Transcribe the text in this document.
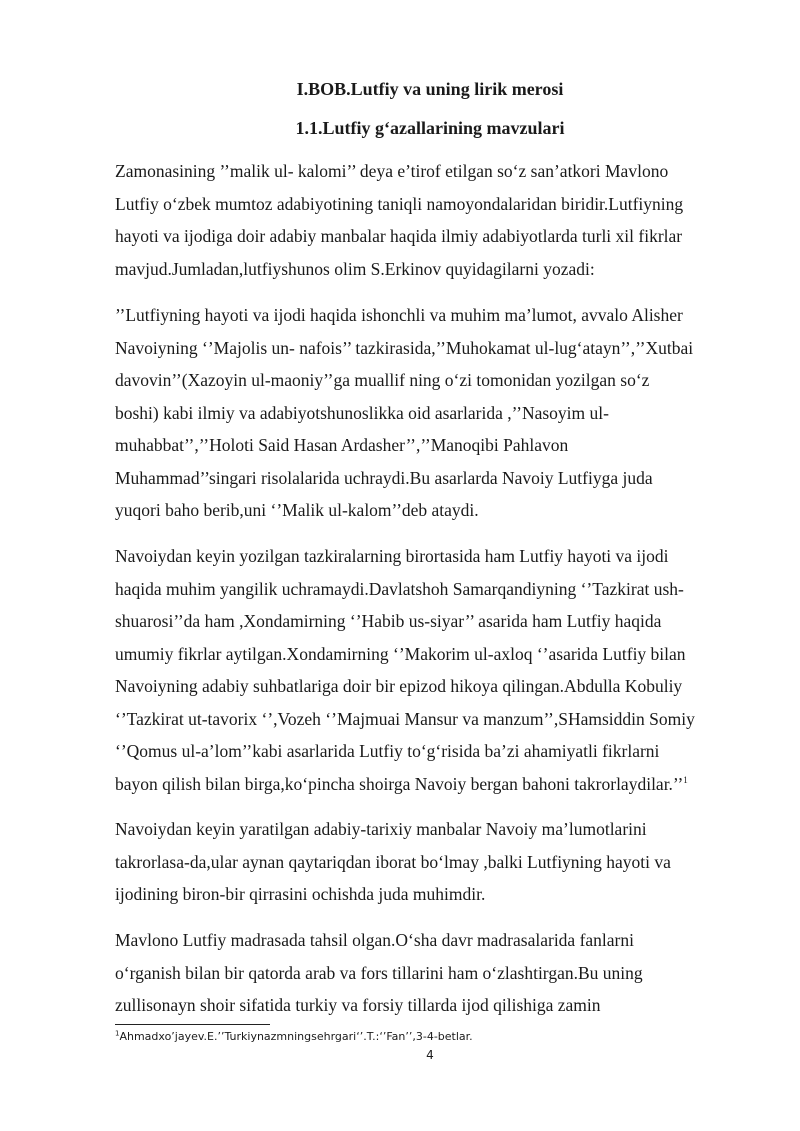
I.BOB.Lutfiy va uning lirik merosi
1.1.Lutfiy g‘azallarining mavzulari

Zamonasining ’’malik ul- kalomi’’ deya e’tirof etilgan so‘z san’atkori Mavlono
Lutfiy o‘zbek mumtoz adabiyotining taniqli namoyondalaridan biridir.Lutfiyning
hayoti va ijodiga doir adabiy manbalar haqida ilmiy adabiyotlarda turli xil fikrlar
mavjud.Jumladan,lutfiyshunos olim S.Erkinov quyidagilarni yozadi:

’’Lutfiyning hayoti va ijodi haqida ishonchli va muhim ma’lumot, avvalo Alisher
Navoiyning ‘’Majolis un- nafois’’ tazkirasida,’’Muhokamat ul-lug‘atayn’’,’’Xutbai
davovin’’(Xazoyin ul-maoniy’’ga muallif ning o‘zi tomonidan yozilgan so‘z
boshi) kabi ilmiy va adabiyotshunoslikka oid asarlarida ,’’Nasoyim ul-
muhabbat’’,’’Holoti Said Hasan Ardasher’’,’’Manoqibi Pahlavon
Muhammad’’singari risolalarida uchraydi.Bu asarlarda Navoiy Lutfiyga juda
yuqori baho berib,uni ‘’Malik ul-kalom’’deb ataydi.

Navoiydan keyin yozilgan tazkiralarning birortasida ham Lutfiy hayoti va ijodi
haqida muhim yangilik uchramaydi.Davlatshoh Samarqandiyning ‘’Tazkirat ush-
shuarosi’’da ham ,Xondamirning ‘’Habib us-siyar’’ asarida ham Lutfiy haqida
umumiy fikrlar aytilgan.Xondamirning ‘’Makorim ul-axloq ‘’asarida Lutfiy bilan
Navoiyning adabiy suhbatlariga doir bir epizod hikoya qilingan.Abdulla Kobuliy
‘’Tazkirat ut-tavorix ‘’,Vozeh ‘’Majmuai Mansur va manzum’’,SHamsiddin Somiy
‘’Qomus ul-a’lom’’kabi asarlarida Lutfiy to‘g‘risida ba’zi ahamiyatli fikrlarni
bayon qilish bilan birga,ko‘pincha shoirga Navoiy bergan bahoni takrorlaydilar.’’$^1$

Navoiydan keyin yaratilgan adabiy-tarixiy manbalar Navoiy ma’lumotlarini
takrorlasa-da,ular aynan qaytariqdan iborat bo‘lmay ,balki Lutfiyning hayoti va
ijodining biron-bir qirrasini ochishda juda muhimdir.

Mavlono Lutfiy madrasada tahsil olgan.O‘sha davr madrasalarida fanlarni
o‘rganish bilan bir qatorda arab va fors tillarini ham o‘zlashtirgan.Bu uning
zullisonayn shoir sifatida turkiy va forsiy tillarda ijod qilishiga zamin

$^1$Ahmadxo’jayev.E.’’Turkiynazmningsehrgari‘’.T.:‘’Fan’’,3-4-betlar.
4
